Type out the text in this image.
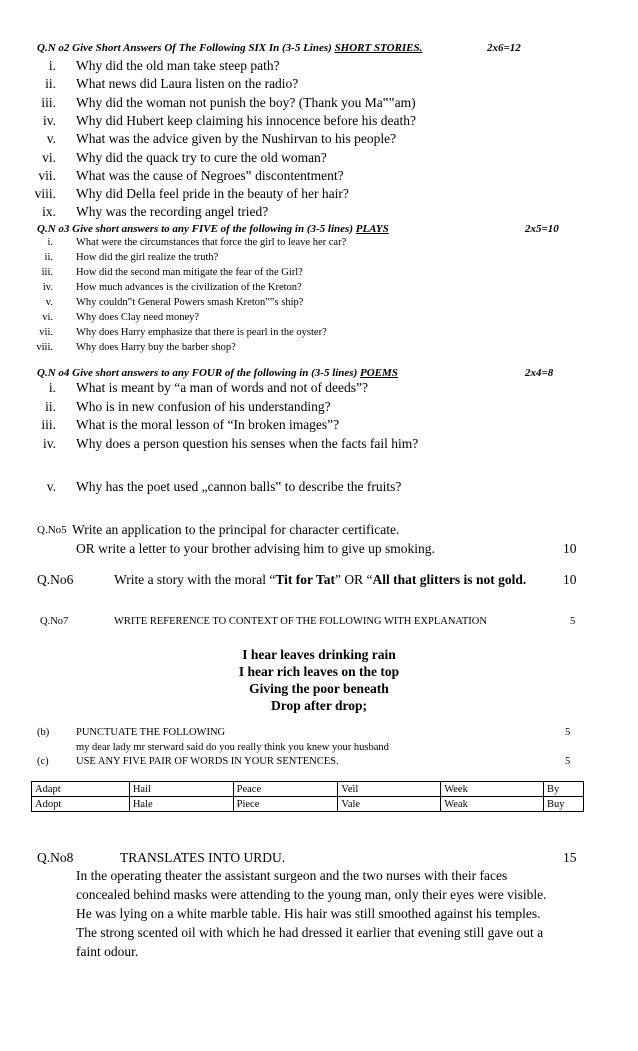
Q.N o2 Give Short Answers Of The Following SIX In (3-5 Lines) SHORT STORIES.	2x6=12
i. Why did the old man take steep path?
ii. What news did Laura listen on the radio?
iii. Why did the woman not punish the boy? (Thank you Ma‟‟am)
iv. Why did Hubert keep claiming his innocence before his death?
v. What was the advice given by the Nushirvan to his people?
vi. Why did the quack try to cure the old woman?
vii. What was the cause of Negroes‟ discontentment?
viii. Why did Della feel pride in the beauty of her hair?
ix. Why was the recording angel tried?
Q.N o3 Give short answers to any FIVE of the following in (3-5 lines) PLAYS	2x5=10
i. What were the circumstances that force the girl to leave her car?
ii. How did the girl realize the truth?
iii. How did the second man mitigate the fear of the Girl?
iv. How much advances is the civilization of the Kreton?
v. Why couldn‟t General Powers smash Kreton‟‟s ship?
vi. Why does Clay need money?
vii. Why does Harry emphasize that there is pearl in the oyster?
viii. Why does Harry buy the barber shop?
Q.N o4 Give short answers to any FOUR of the following in (3-5 lines) POEMS	2x4=8
i. What is meant by “a man of words and not of deeds”?
ii. Who is in new confusion of his understanding?
iii. What is the moral lesson of “In broken images”?
iv. Why does a person question his senses when the facts fail him?
v. Why has the poet used „cannon balls‟ to describe the fruits?
Q.No5 Write an application to the principal for character certificate.
OR write a letter to your brother advising him to give up smoking.	10
Q.No6	Write a story with the moral “Tit for Tat” OR “All that glitters is not gold.	10
Q.No7	WRITE REFERENCE TO CONTEXT OF THE FOLLOWING WITH EXPLANATION	5
I hear leaves drinking rain
I hear rich leaves on the top
Giving the poor beneath
Drop after drop;
(b)	PUNCTUATE THE FOLLOWING	5
my dear lady mr sterward said do you really think you knew your husband
(c)	USE ANY FIVE PAIR OF WORDS IN YOUR SENTENCES.	5
Adapt	Hail	Peace	Veil	Week	By
Adopt	Hale	Piece	Vale	Weak	Buy
Q.No8	TRANSLATES INTO URDU.	15
In the operating theater the assistant surgeon and the two nurses with their faces
concealed behind masks were attending to the young man, only their eyes were visible.
He was lying on a white marble table. His hair was still smoothed against his temples.
The strong scented oil with which he had dressed it earlier that evening still gave out a
faint odour.
